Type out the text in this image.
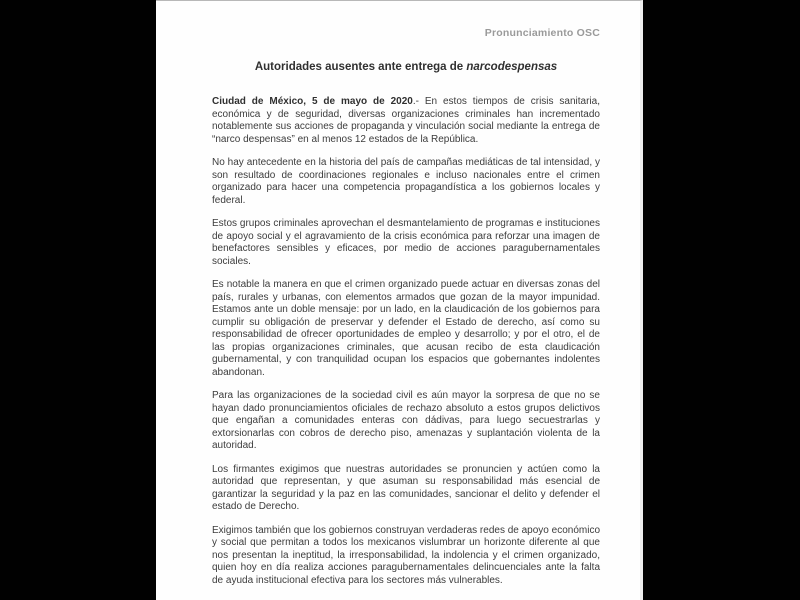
Pronunciamiento OSC
Autoridades ausentes ante entrega de narcodespensas

Ciudad de México, 5 de mayo de 2020.- En estos tiempos de crisis sanitaria, económica y de seguridad, diversas organizaciones criminales han incrementado notablemente sus acciones de propaganda y vinculación social mediante la entrega de “narco despensas” en al menos 12 estados de la República.

No hay antecedente en la historia del país de campañas mediáticas de tal intensidad, y son resultado de coordinaciones regionales e incluso nacionales entre el crimen organizado para hacer una competencia propagandística a los gobiernos locales y federal.

Estos grupos criminales aprovechan el desmantelamiento de programas e instituciones de apoyo social y el agravamiento de la crisis económica para reforzar una imagen de benefactores sensibles y eficaces, por medio de acciones paragubernamentales sociales.

Es notable la manera en que el crimen organizado puede actuar en diversas zonas del país, rurales y urbanas, con elementos armados que gozan de la mayor impunidad. Estamos ante un doble mensaje: por un lado, en la claudicación de los gobiernos para cumplir su obligación de preservar y defender el Estado de derecho, así como su responsabilidad de ofrecer oportunidades de empleo y desarrollo; y por el otro, el de las propias organizaciones criminales, que acusan recibo de esta claudicación gubernamental, y con tranquilidad ocupan los espacios que gobernantes indolentes abandonan.

Para las organizaciones de la sociedad civil es aún mayor la sorpresa de que no se hayan dado pronunciamientos oficiales de rechazo absoluto a estos grupos delictivos que engañan a comunidades enteras con dádivas, para luego secuestrarlas y extorsionarlas con cobros de derecho piso, amenazas y suplantación violenta de la autoridad.

Los firmantes exigimos que nuestras autoridades se pronuncien y actúen como la autoridad que representan, y que asuman su responsabilidad más esencial de garantizar la seguridad y la paz en las comunidades, sancionar el delito y defender el estado de Derecho.

Exigimos también que los gobiernos construyan verdaderas redes de apoyo económico y social que permitan a todos los mexicanos vislumbrar un horizonte diferente al que nos presentan la ineptitud, la irresponsabilidad, la indolencia y el crimen organizado, quien hoy en día realiza acciones paragubernamentales delincuenciales ante la falta de ayuda institucional efectiva para los sectores más vulnerables.
